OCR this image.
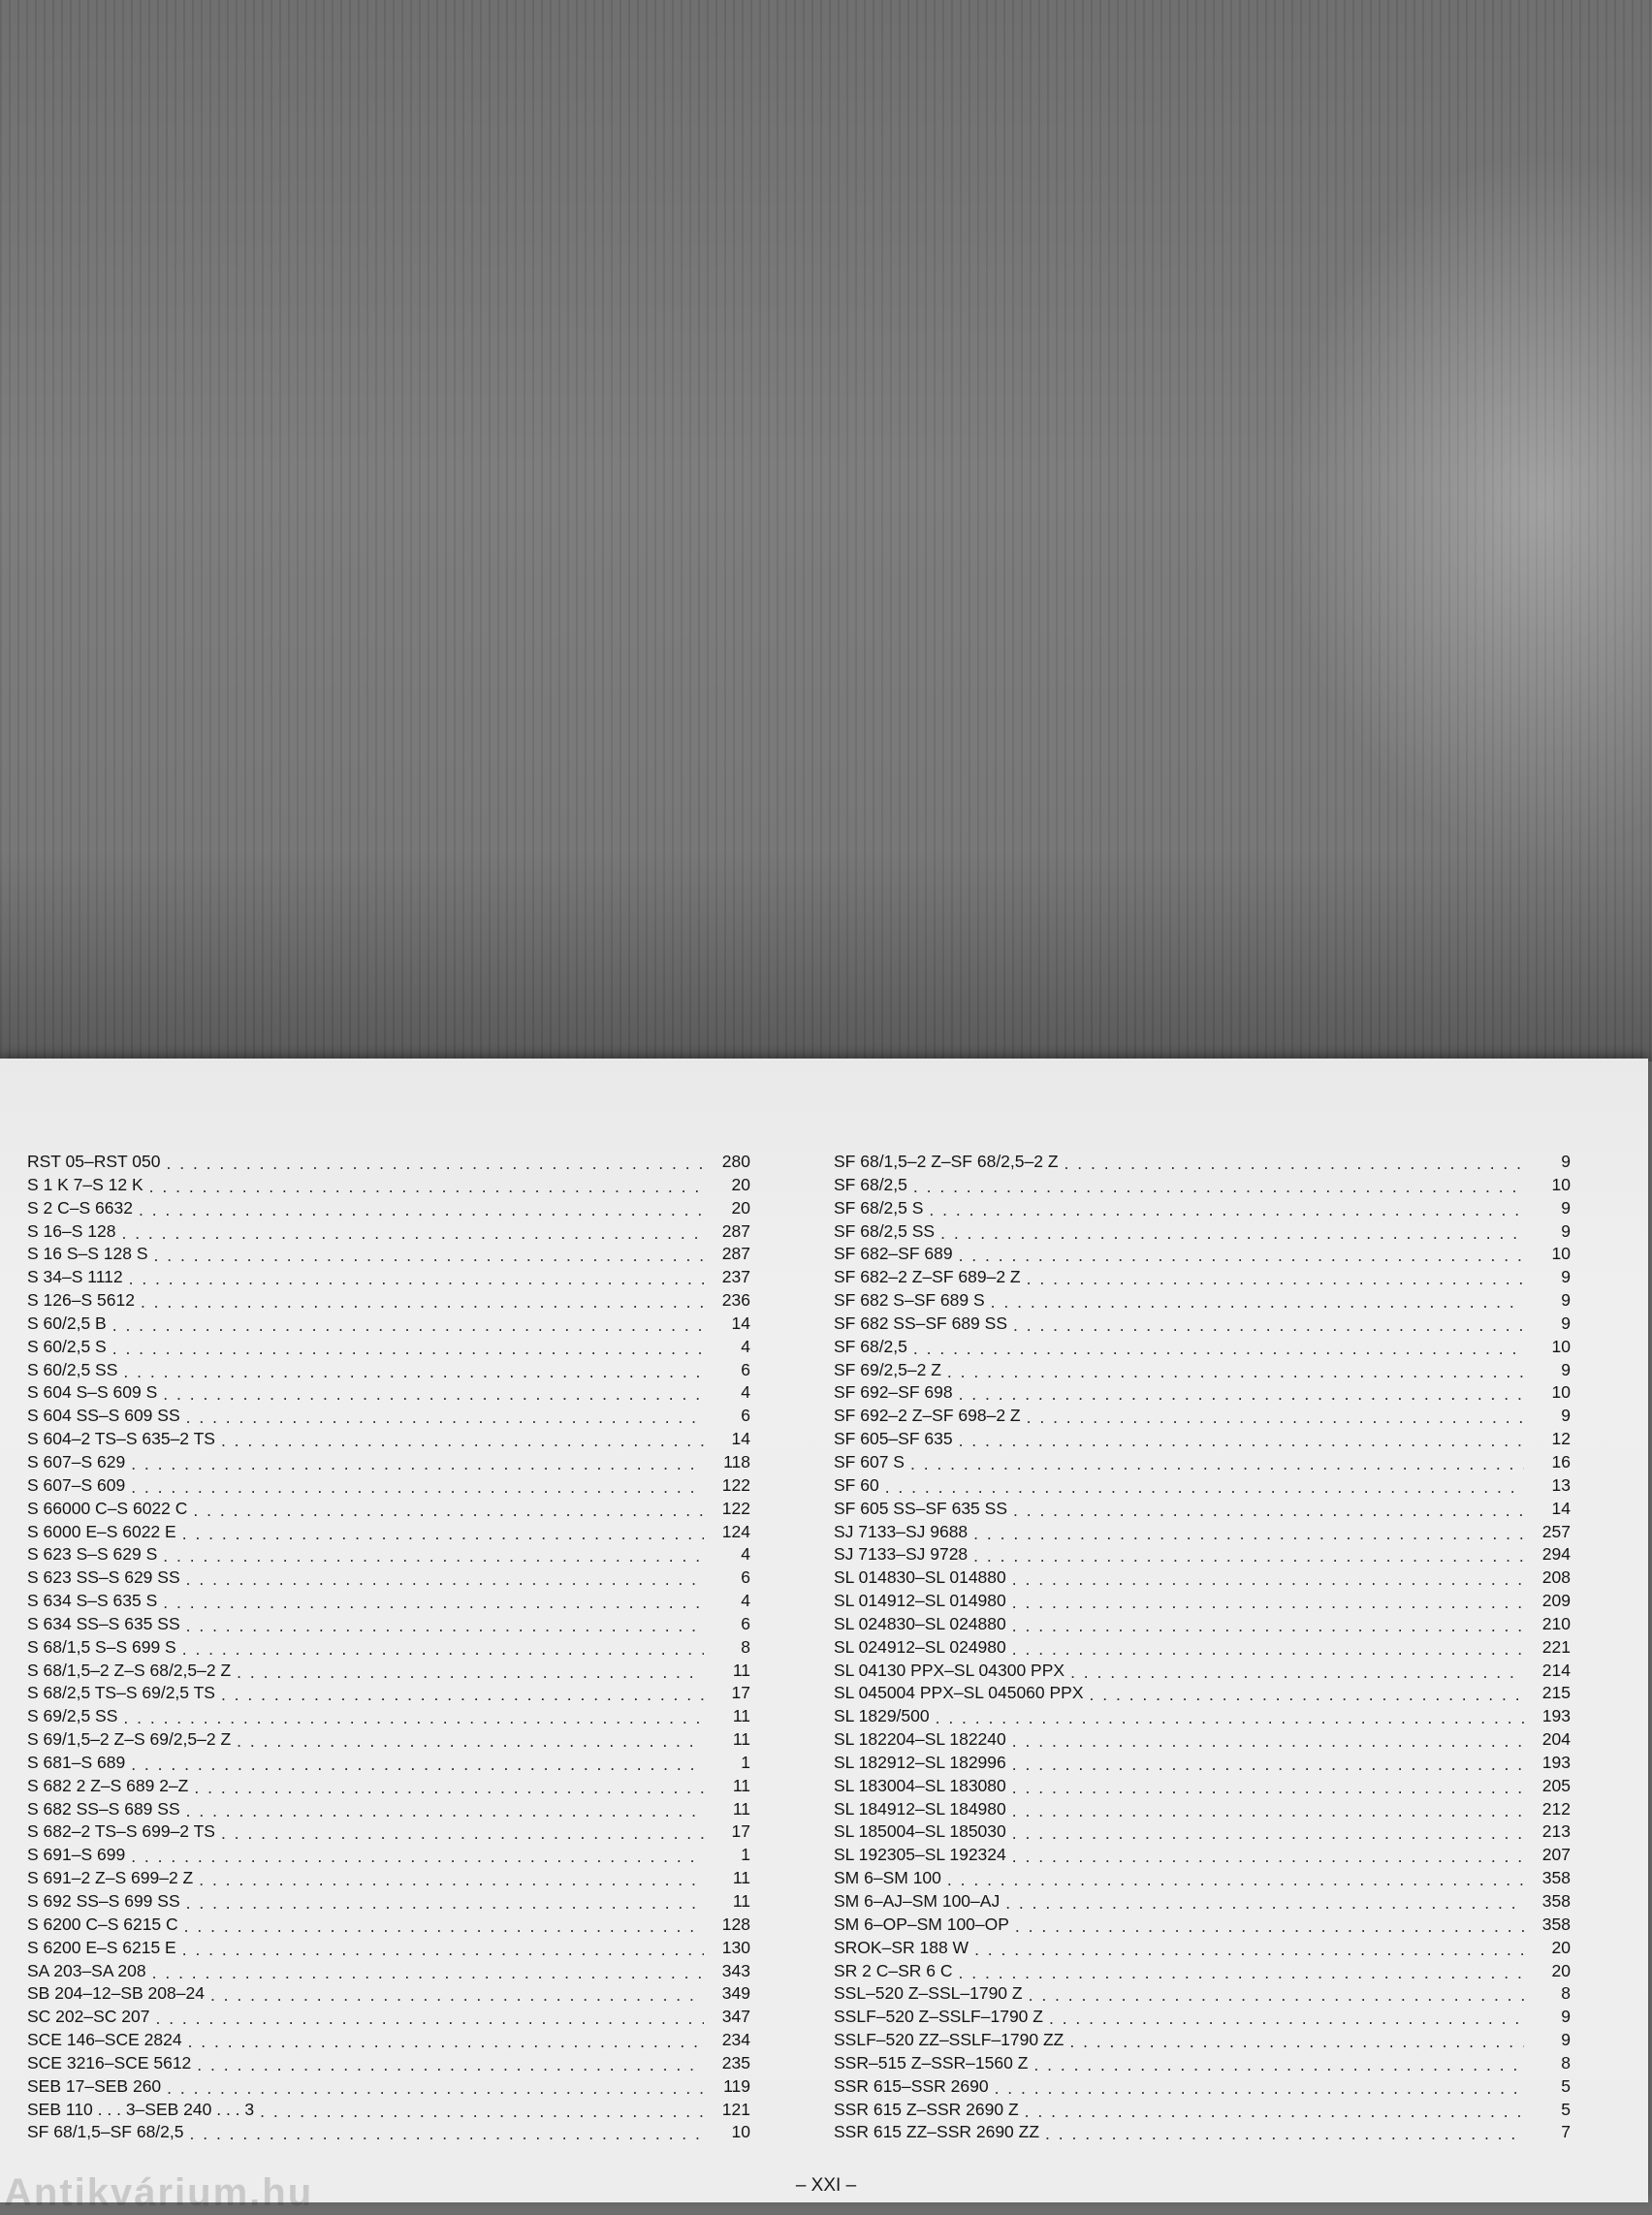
RST 05–RST 050 . . .	280
S 1 K 7–S 12 K . . .	20
S 2 C–S 6632 . . .	20
S 16–S 128 . . .	287
S 16 S–S 128 S . . .	287
S 34–S 1112 . . .	237
S 126–S 5612 . . .	236
S 60/2,5 B . . .	14
S 60/2,5 S . . .	4
S 60/2,5 SS . . .	6
S 604 S–S 609 S . . .	4
S 604 SS–S 609 SS . . .	6
S 604–2 TS–S 635–2 TS . . .	14
S 607–S 629 . . .	118
S 607–S 609 . . .	122
S 66000 C–S 6022 C . . .	122
S 6000 E–S 6022 E . . .	124
S 623 S–S 629 S . . .	4
S 623 SS–S 629 SS . . .	6
S 634 S–S 635 S . . .	4
S 634 SS–S 635 SS . . .	6
S 68/1,5 S–S 699 S . . .	8
S 68/1,5–2 Z–S 68/2,5–2 Z . . .	11
S 68/2,5 TS–S 69/2,5 TS . . .	17
S 69/2,5 SS . . .	11
S 69/1,5–2 Z–S 69/2,5–2 Z . . .	11
S 681–S 689 . . .	1
S 682 2 Z–S 689 2–Z . . .	11
S 682 SS–S 689 SS . . .	11
S 682–2 TS–S 699–2 TS . . .	17
S 691–S 699 . . .	1
S 691–2 Z–S 699–2 Z . . .	11
S 692 SS–S 699 SS . . .	11
S 6200 C–S 6215 C . . .	128
S 6200 E–S 6215 E . . .	130
SA 203–SA 208 . . .	343
SB 204–12–SB 208–24 . . .	349
SC 202–SC 207 . . .	347
SCE 146–SCE 2824 . . .	234
SCE 3216–SCE 5612 . . .	235
SEB 17–SEB 260 . . .	119
SEB 110 . . . 3–SEB 240 . . . 3 . . .	121
SF 68/1,5–SF 68/2,5 . . .	10
SF 68/1,5–2 Z–SF 68/2,5–2 Z . . .	9
SF 68/2,5 . . .	10
SF 68/2,5 S . . .	9
SF 68/2,5 SS . . .	9
SF 682–SF 689 . . .	10
SF 682–2 Z–SF 689–2 Z . . .	9
SF 682 S–SF 689 S . . .	9
SF 682 SS–SF 689 SS . . .	9
SF 68/2,5 . . .	10
SF 69/2,5–2 Z . . .	9
SF 692–SF 698 . . .	10
SF 692–2 Z–SF 698–2 Z . . .	9
SF 605–SF 635 . . .	12
SF 607 S . . .	16
SF 60 . . .	13
SF 605 SS–SF 635 SS . . .	14
SJ 7133–SJ 9688 . . .	257
SJ 7133–SJ 9728 . . .	294
SL 014830–SL 014880 . . .	208
SL 014912–SL 014980 . . .	209
SL 024830–SL 024880 . . .	210
SL 024912–SL 024980 . . .	221
SL 04130 PPX–SL 04300 PPX . . .	214
SL 045004 PPX–SL 045060 PPX . . .	215
SL 1829/500 . . .	193
SL 182204–SL 182240 . . .	204
SL 182912–SL 182996 . . .	193
SL 183004–SL 183080 . . .	205
SL 184912–SL 184980 . . .	212
SL 185004–SL 185030 . . .	213
SL 192305–SL 192324 . . .	207
SM 6–SM 100 . . .	358
SM 6–AJ–SM 100–AJ . . .	358
SM 6–OP–SM 100–OP . . .	358
SROK–SR 188 W . . .	20
SR 2 C–SR 6 C . . .	20
SSL–520 Z–SSL–1790 Z . . .	8
SSLF–520 Z–SSLF–1790 Z . . .	9
SSLF–520 ZZ–SSLF–1790 ZZ . . .	9
SSR–515 Z–SSR–1560 Z . . .	8
SSR 615–SSR 2690 . . .	5
SSR 615 Z–SSR 2690 Z . . .	5
SSR 615 ZZ–SSR 2690 ZZ . . .	7
Antikvárium.hu	– XXI –
